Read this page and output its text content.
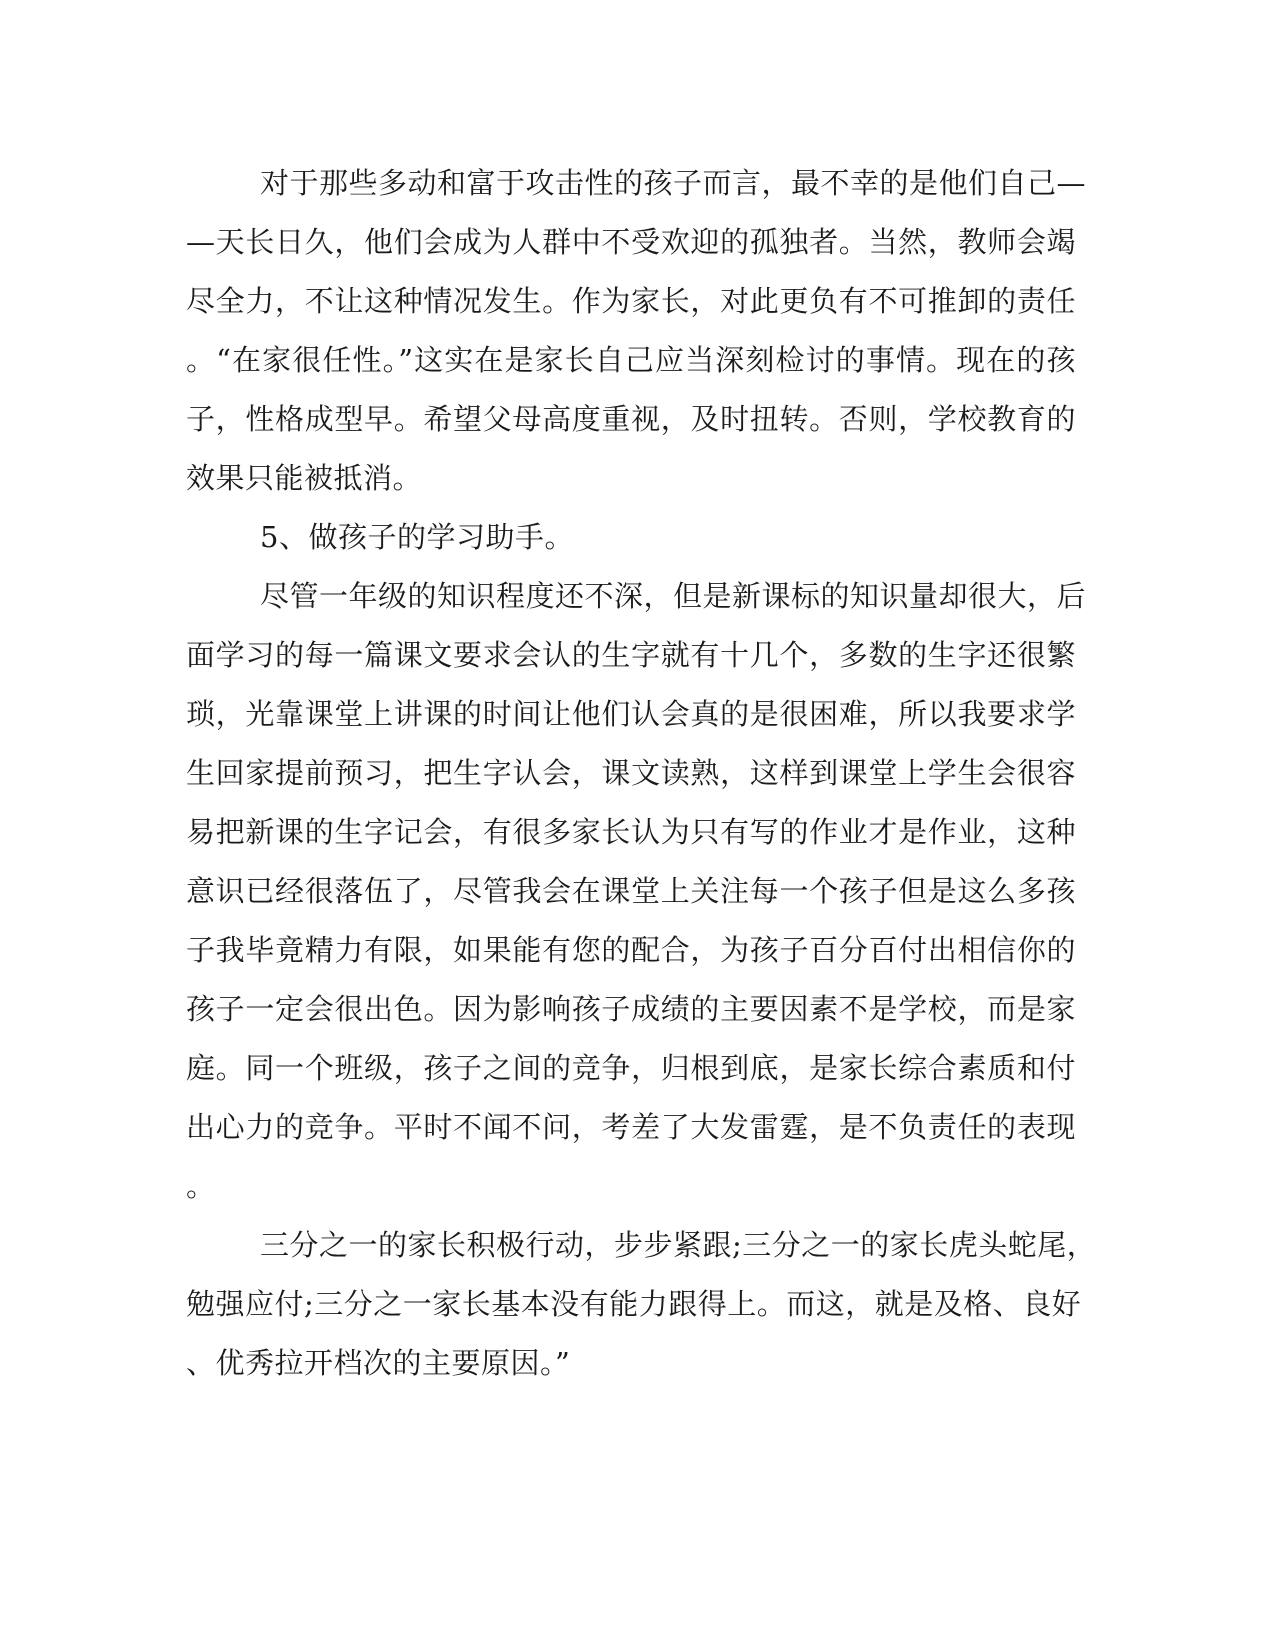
对于那些多动和富于攻击性的孩子而言，最不幸的是他们自己—
—天长日久，他们会成为人群中不受欢迎的孤独者。当然，教师会竭
尽全力，不让这种情况发生。作为家长，对此更负有不可推卸的责任
。“在家很任性。”这实在是家长自己应当深刻检讨的事情。现在的孩
子，性格成型早。希望父母高度重视，及时扭转。否则，学校教育的
效果只能被抵消。
5、做孩子的学习助手。
尽管一年级的知识程度还不深，但是新课标的知识量却很大，后
面学习的每一篇课文要求会认的生字就有十几个，多数的生字还很繁
琐，光靠课堂上讲课的时间让他们认会真的是很困难，所以我要求学
生回家提前预习，把生字认会，课文读熟，这样到课堂上学生会很容
易把新课的生字记会，有很多家长认为只有写的作业才是作业，这种
意识已经很落伍了，尽管我会在课堂上关注每一个孩子但是这么多孩
子我毕竟精力有限，如果能有您的配合，为孩子百分百付出相信你的
孩子一定会很出色。因为影响孩子成绩的主要因素不是学校，而是家
庭。同一个班级，孩子之间的竞争，归根到底，是家长综合素质和付
出心力的竞争。平时不闻不问，考差了大发雷霆，是不负责任的表现
。
三分之一的家长积极行动，步步紧跟;三分之一的家长虎头蛇尾，
勉强应付;三分之一家长基本没有能力跟得上。而这，就是及格、良好
、优秀拉开档次的主要原因。”
